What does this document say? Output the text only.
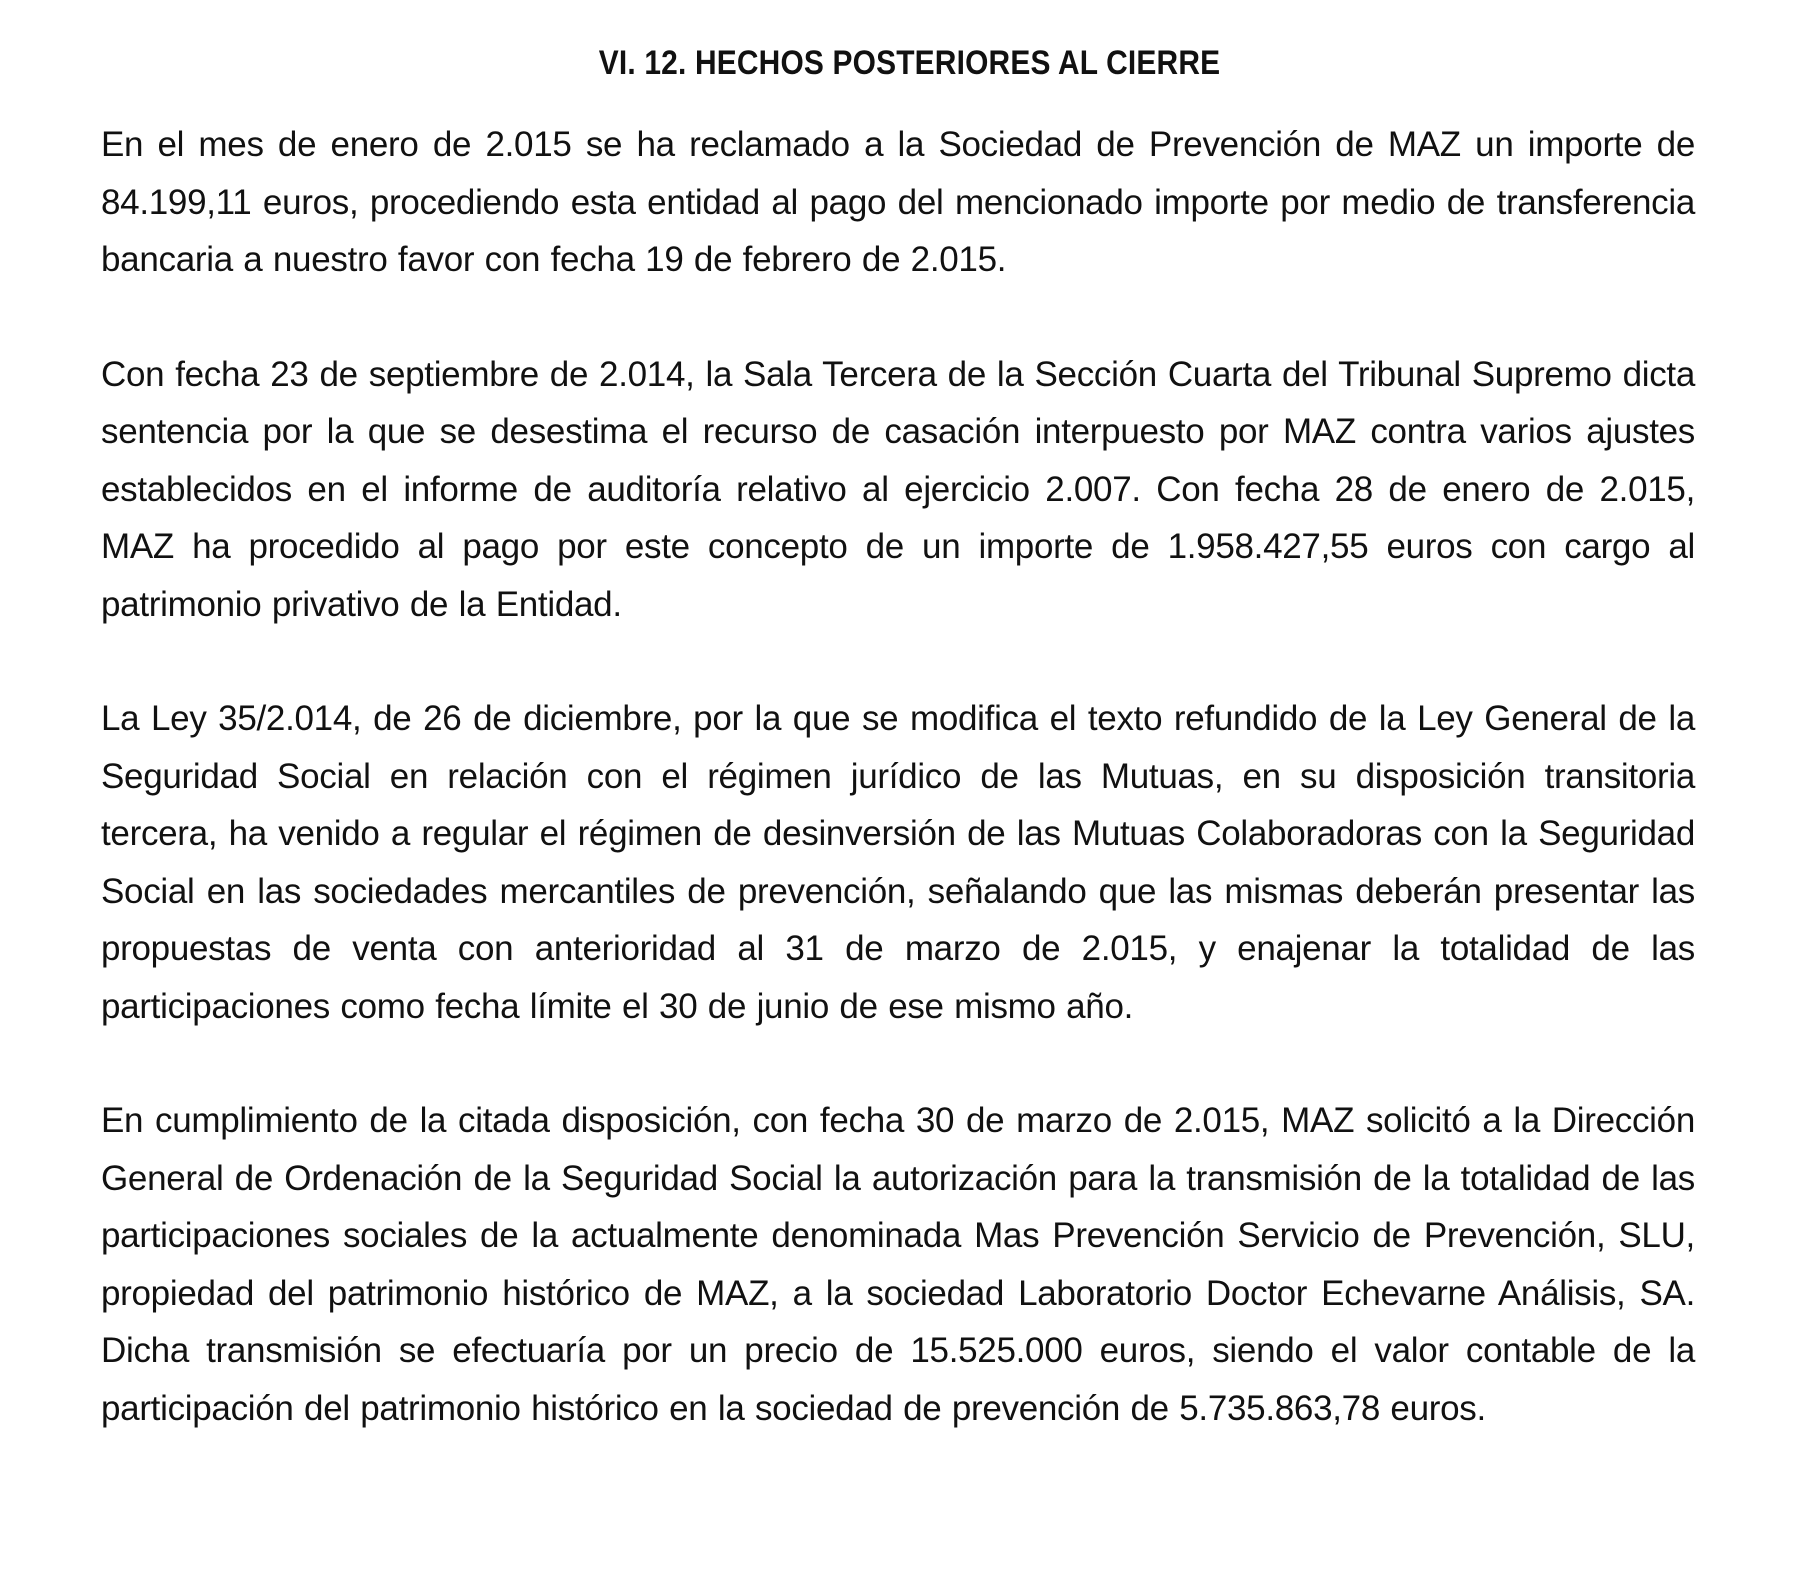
VI. 12. HECHOS POSTERIORES AL CIERRE

En el mes de enero de 2.015 se ha reclamado a la Sociedad de Prevención de MAZ un importe de 84.199,11 euros, procediendo esta entidad al pago del mencionado importe por medio de transferencia bancaria a nuestro favor con fecha 19 de febrero de 2.015.

Con fecha 23 de septiembre de 2.014, la Sala Tercera de la Sección Cuarta del Tribunal Supremo dicta sentencia por la que se desestima el recurso de casación interpuesto por MAZ contra varios ajustes establecidos en el informe de auditoría relativo al ejercicio 2.007. Con fecha 28 de enero de 2.015, MAZ ha procedido al pago por este concepto de un importe de 1.958.427,55 euros con cargo al patrimonio privativo de la Entidad.

La Ley 35/2.014, de 26 de diciembre, por la que se modifica el texto refundido de la Ley General de la Seguridad Social en relación con el régimen jurídico de las Mutuas, en su disposición transitoria tercera, ha venido a regular el régimen de desinversión de las Mutuas Colaboradoras con la Seguridad Social en las sociedades mercantiles de prevención, señalando que las mismas deberán presentar las propuestas de venta con anterioridad al 31 de marzo de 2.015, y enajenar la totalidad de las participaciones como fecha límite el 30 de junio de ese mismo año.

En cumplimiento de la citada disposición, con fecha 30 de marzo de 2.015, MAZ solicitó a la Dirección General de Ordenación de la Seguridad Social la autorización para la transmisión de la totalidad de las participaciones sociales de la actualmente denominada Mas Prevención Servicio de Prevención, SLU, propiedad del patrimonio histórico de MAZ, a la sociedad Laboratorio Doctor Echevarne Análisis, SA. Dicha transmisión se efectuaría por un precio de 15.525.000 euros, siendo el valor contable de la participación del patrimonio histórico en la sociedad de prevención de 5.735.863,78 euros.
